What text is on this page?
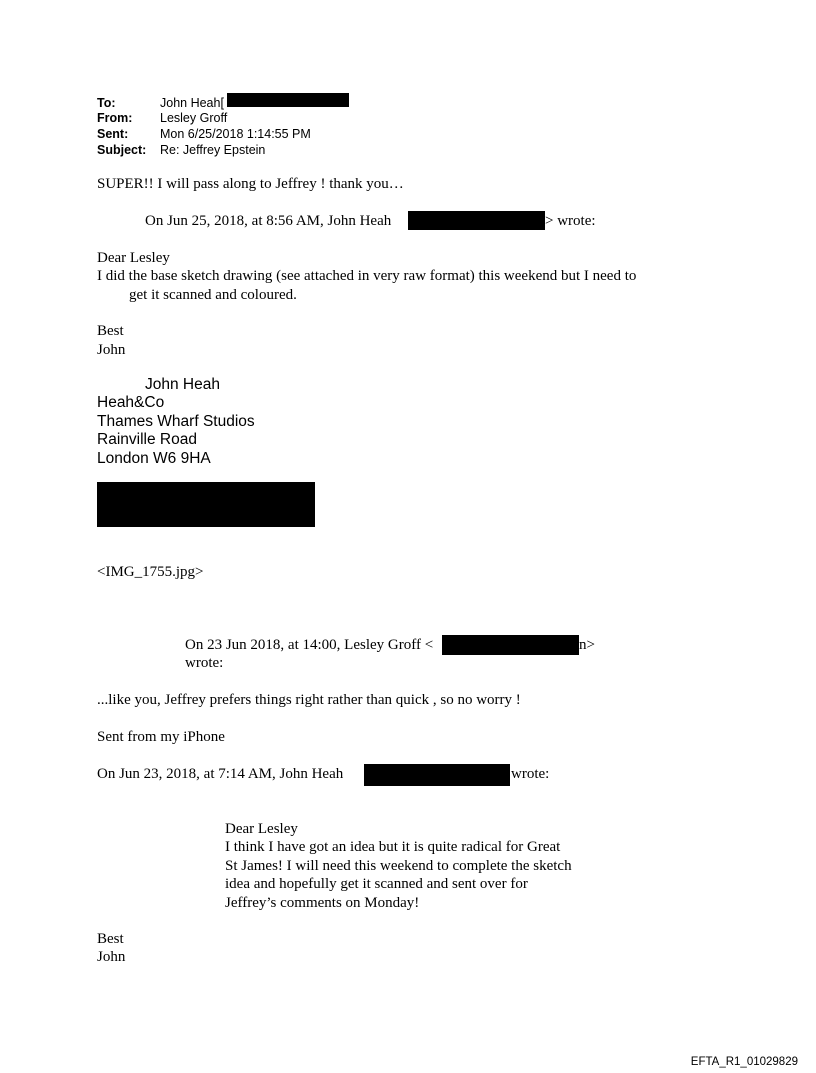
To:	John Heah[
From: Lesley Groff
Sent:	Mon 6/25/2018 1:14:55 PM
Subject: Re: Jeffrey Epstein
SUPER!! I will pass along to Jeffrey ! thank you…
On Jun 25, 2018, at 8:56 AM, John Heah	> wrote:
Dear Lesley
I did the base sketch drawing (see attached in very raw format) this weekend but I need to
get it scanned and coloured.
Best
John
John Heah
Heah&Co
Thames Wharf Studios
Rainville Road
London W6 9HA
<IMG_1755.jpg>
On 23 Jun 2018, at 14:00, Lesley Groff <	n>
wrote:
...like you, Jeffrey prefers things right rather than quick , so no worry !
Sent from my iPhone
On Jun 23, 2018, at 7:14 AM, John Heah	wrote:
Dear Lesley
I think I have got an idea but it is quite radical for Great
St James! I will need this weekend to complete the sketch
idea and hopefully get it scanned and sent over for
Jeffrey’s comments on Monday!
Best
John
EFTA_R1_01029829
